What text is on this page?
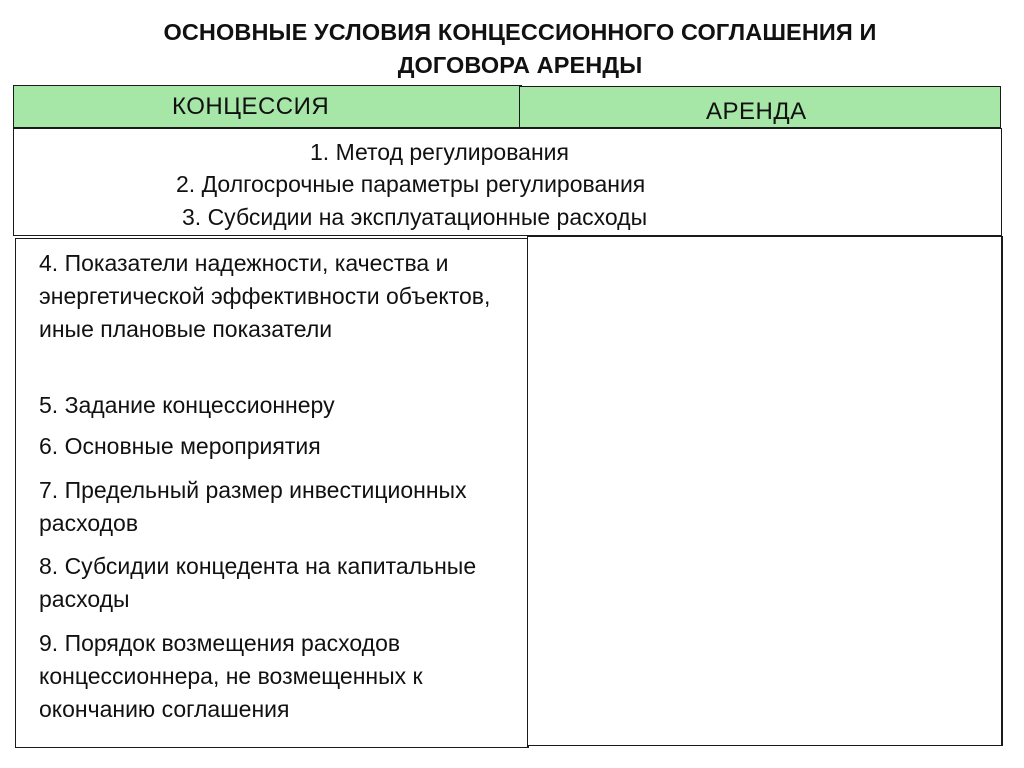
ОСНОВНЫЕ УСЛОВИЯ КОНЦЕССИОННОГО СОГЛАШЕНИЯ И
ДОГОВОРА АРЕНДЫ
КОНЦЕССИЯ	АРЕНДА
1. Метод регулирования
2. Долгосрочные параметры регулирования
3. Субсидии на эксплуатационные расходы
4. Показатели надежности, качества и энергетической эффективности объектов, иные плановые показатели
5. Задание концессионнеру
6. Основные мероприятия
7. Предельный размер инвестиционных расходов
8. Субсидии концедента на капитальные расходы
9. Порядок возмещения расходов концессионнера, не возмещенных к окончанию соглашения
